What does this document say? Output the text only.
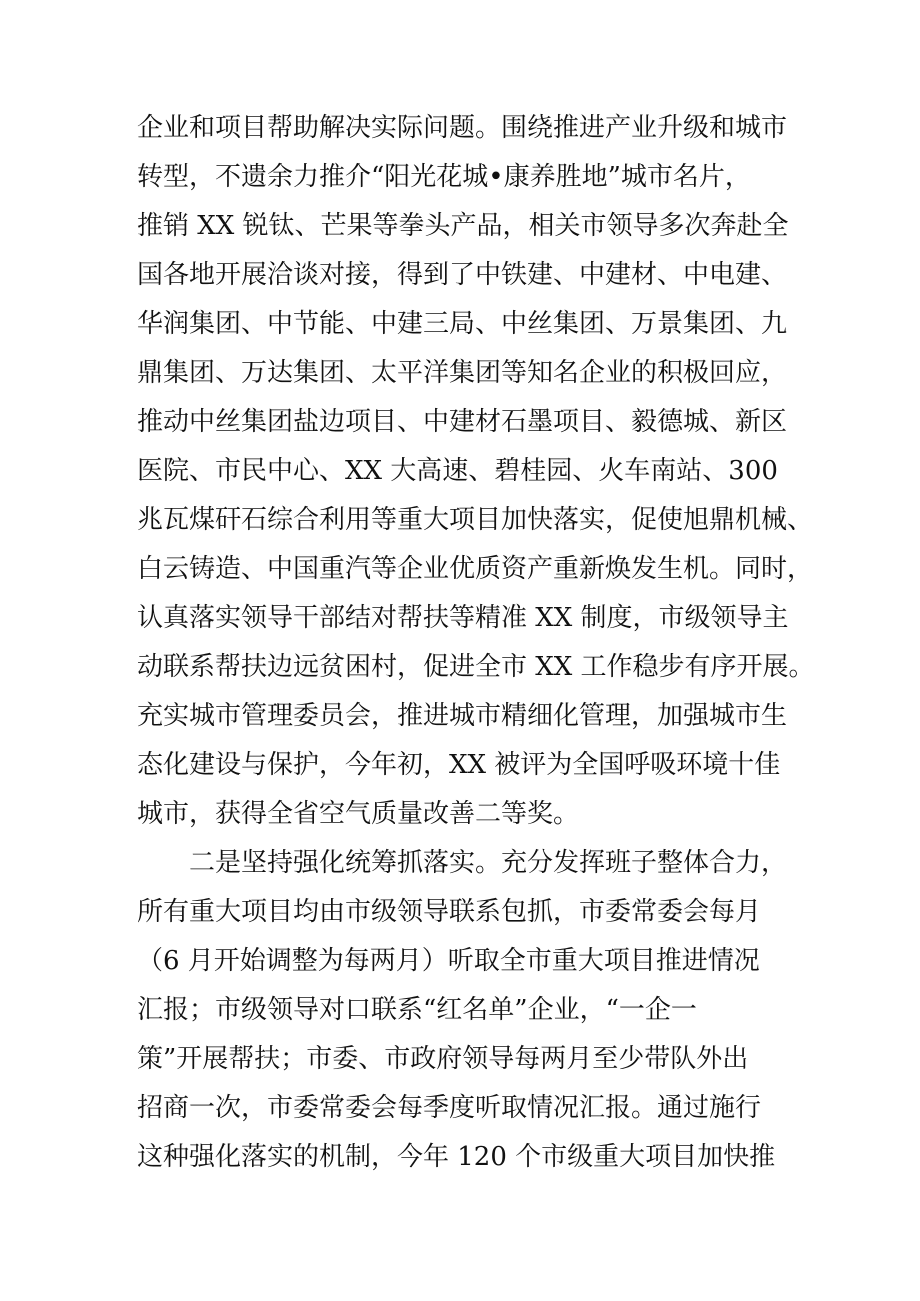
企业和项目帮助解决实际问题。围绕推进产业升级和城市
转型，不遗余力推介“阳光花城•康养胜地”城市名片，
推销 XX 锐钛、芒果等拳头产品，相关市领导多次奔赴全
国各地开展洽谈对接，得到了中铁建、中建材、中电建、
华润集团、中节能、中建三局、中丝集团、万景集团、九
鼎集团、万达集团、太平洋集团等知名企业的积极回应，
推动中丝集团盐边项目、中建材石墨项目、毅德城、新区
医院、市民中心、XX 大高速、碧桂园、火车南站、300
兆瓦煤矸石综合利用等重大项目加快落实，促使旭鼎机械、
白云铸造、中国重汽等企业优质资产重新焕发生机。同时，
认真落实领导干部结对帮扶等精准 XX 制度，市级领导主
动联系帮扶边远贫困村，促进全市 XX 工作稳步有序开展。
充实城市管理委员会，推进城市精细化管理，加强城市生
态化建设与保护，今年初，XX 被评为全国呼吸环境十佳
城市，获得全省空气质量改善二等奖。
二是坚持强化统筹抓落实。充分发挥班子整体合力，
所有重大项目均由市级领导联系包抓，市委常委会每月
（6 月开始调整为每两月）听取全市重大项目推进情况
汇报；市级领导对口联系“红名单”企业，“一企一
策”开展帮扶；市委、市政府领导每两月至少带队外出
招商一次，市委常委会每季度听取情况汇报。通过施行
这种强化落实的机制，今年 120 个市级重大项目加快推
